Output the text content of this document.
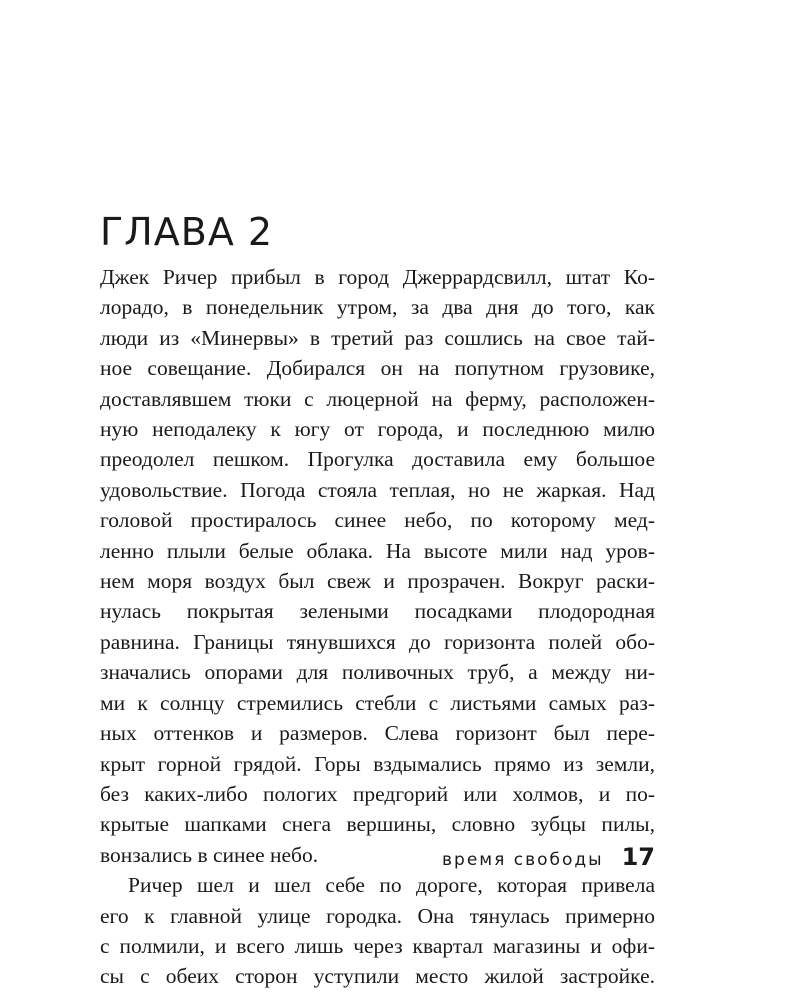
ГЛАВА 2

Джек Ричер прибыл в город Джеррардсвилл, штат Ко-
лорадо, в понедельник утром, за два дня до того, как
люди из «Минервы» в третий раз сошлись на свое тай-
ное совещание. Добирался он на попутном грузовике,
доставлявшем тюки с люцерной на ферму, расположен-
ную неподалеку к югу от города, и последнюю милю
преодолел пешком. Прогулка доставила ему большое
удовольствие. Погода стояла теплая, но не жаркая. Над
головой простиралось синее небо, по которому мед-
ленно плыли белые облака. На высоте мили над уров-
нем моря воздух был свеж и прозрачен. Вокруг раски-
нулась покрытая зелеными посадками плодородная
равнина. Границы тянувшихся до горизонта полей обо-
значались опорами для поливочных труб, а между ни-
ми к солнцу стремились стебли с листьями самых раз-
ных оттенков и размеров. Слева горизонт был пере-
крыт горной грядой. Горы вздымались прямо из земли,
без каких-либо пологих предгорий или холмов, и по-
крытые шапками снега вершины, словно зубцы пилы,
вонзались в синее небо.

Ричер шел и шел себе по дороге, которая привела
его к главной улице городка. Она тянулась примерно
с полмили, и всего лишь через квартал магазины и офи-
сы с обеих сторон уступили место жилой застройке.

время свободы 17
